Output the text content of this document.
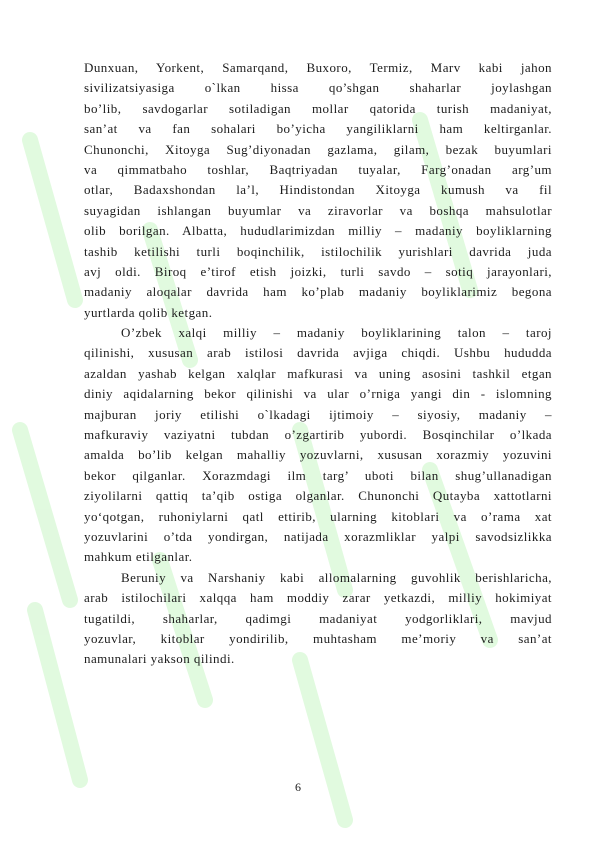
Dunxuan, Yorkent, Samarqand, Buxoro, Termiz, Marv kabi jahon
sivilizatsiyasiga o`lkan hissa qo’shgan shaharlar joylashgan
bo’lib, savdogarlar sotiladigan mollar qatorida turish madaniyat,
san’at va fan sohalari bo’yicha yangiliklarni ham keltirganlar.
Chunonchi, Xitoyga Sug’diyonadan gazlama, gilam, bezak buyumlari
va qimmatbaho toshlar, Baqtriyadan tuyalar, Farg’onadan arg’um
otlar, Badaxshondan la’l, Hindistondan Xitoyga kumush va fil
suyagidan ishlangan buyumlar va ziravorlar va boshqa mahsulotlar
olib borilgan. Albatta, hududlarimizdan milliy – madaniy boyliklarning
tashib ketilishi turli boqinchilik, istilochilik yurishlari davrida juda
avj oldi. Biroq e’tirof etish joizki, turli savdo – sotiq jarayonlari,
madaniy aloqalar davrida ham ko’plab madaniy boyliklarimiz begona
yurtlarda qolib ketgan.
O’zbek xalqi milliy – madaniy boyliklarining talon – taroj
qilinishi, xususan arab istilosi davrida avjiga chiqdi. Ushbu hududda
azaldan yashab kelgan xalqlar mafkurasi va uning asosini tashkil etgan
diniy aqidalarning bekor qilinishi va ular o’rniga yangi din - islomning
majburan joriy etilishi o`lkadagi ijtimoiy – siyosiy, madaniy –
mafkuraviy vaziyatni tubdan o’zgartirib yubordi. Bosqinchilar o’lkada
amalda bo’lib kelgan mahalliy yozuvlarni, xususan xorazmiy yozuvini
bekor qilganlar. Xorazmdagi ilm targ’ uboti bilan shug’ullanadigan
ziyolilarni qattiq ta’qib ostiga olganlar. Chunonchi Qutayba xattotlarni
yo‘qotgan, ruhoniylarni qatl ettirib, ularning kitoblari va o’rama xat
yozuvlarini o’tda yondirgan, natijada xorazmliklar yalpi savodsizlikka
mahkum etilganlar.
Beruniy va Narshaniy kabi allomalarning guvohlik berishlaricha,
arab istilochilari xalqqa ham moddiy zarar yetkazdi, milliy hokimiyat
tugatildi, shaharlar, qadimgi madaniyat yodgorliklari, mavjud
yozuvlar, kitoblar yondirilib, muhtasham me’moriy va san’at
namunalari yakson qilindi.
6
